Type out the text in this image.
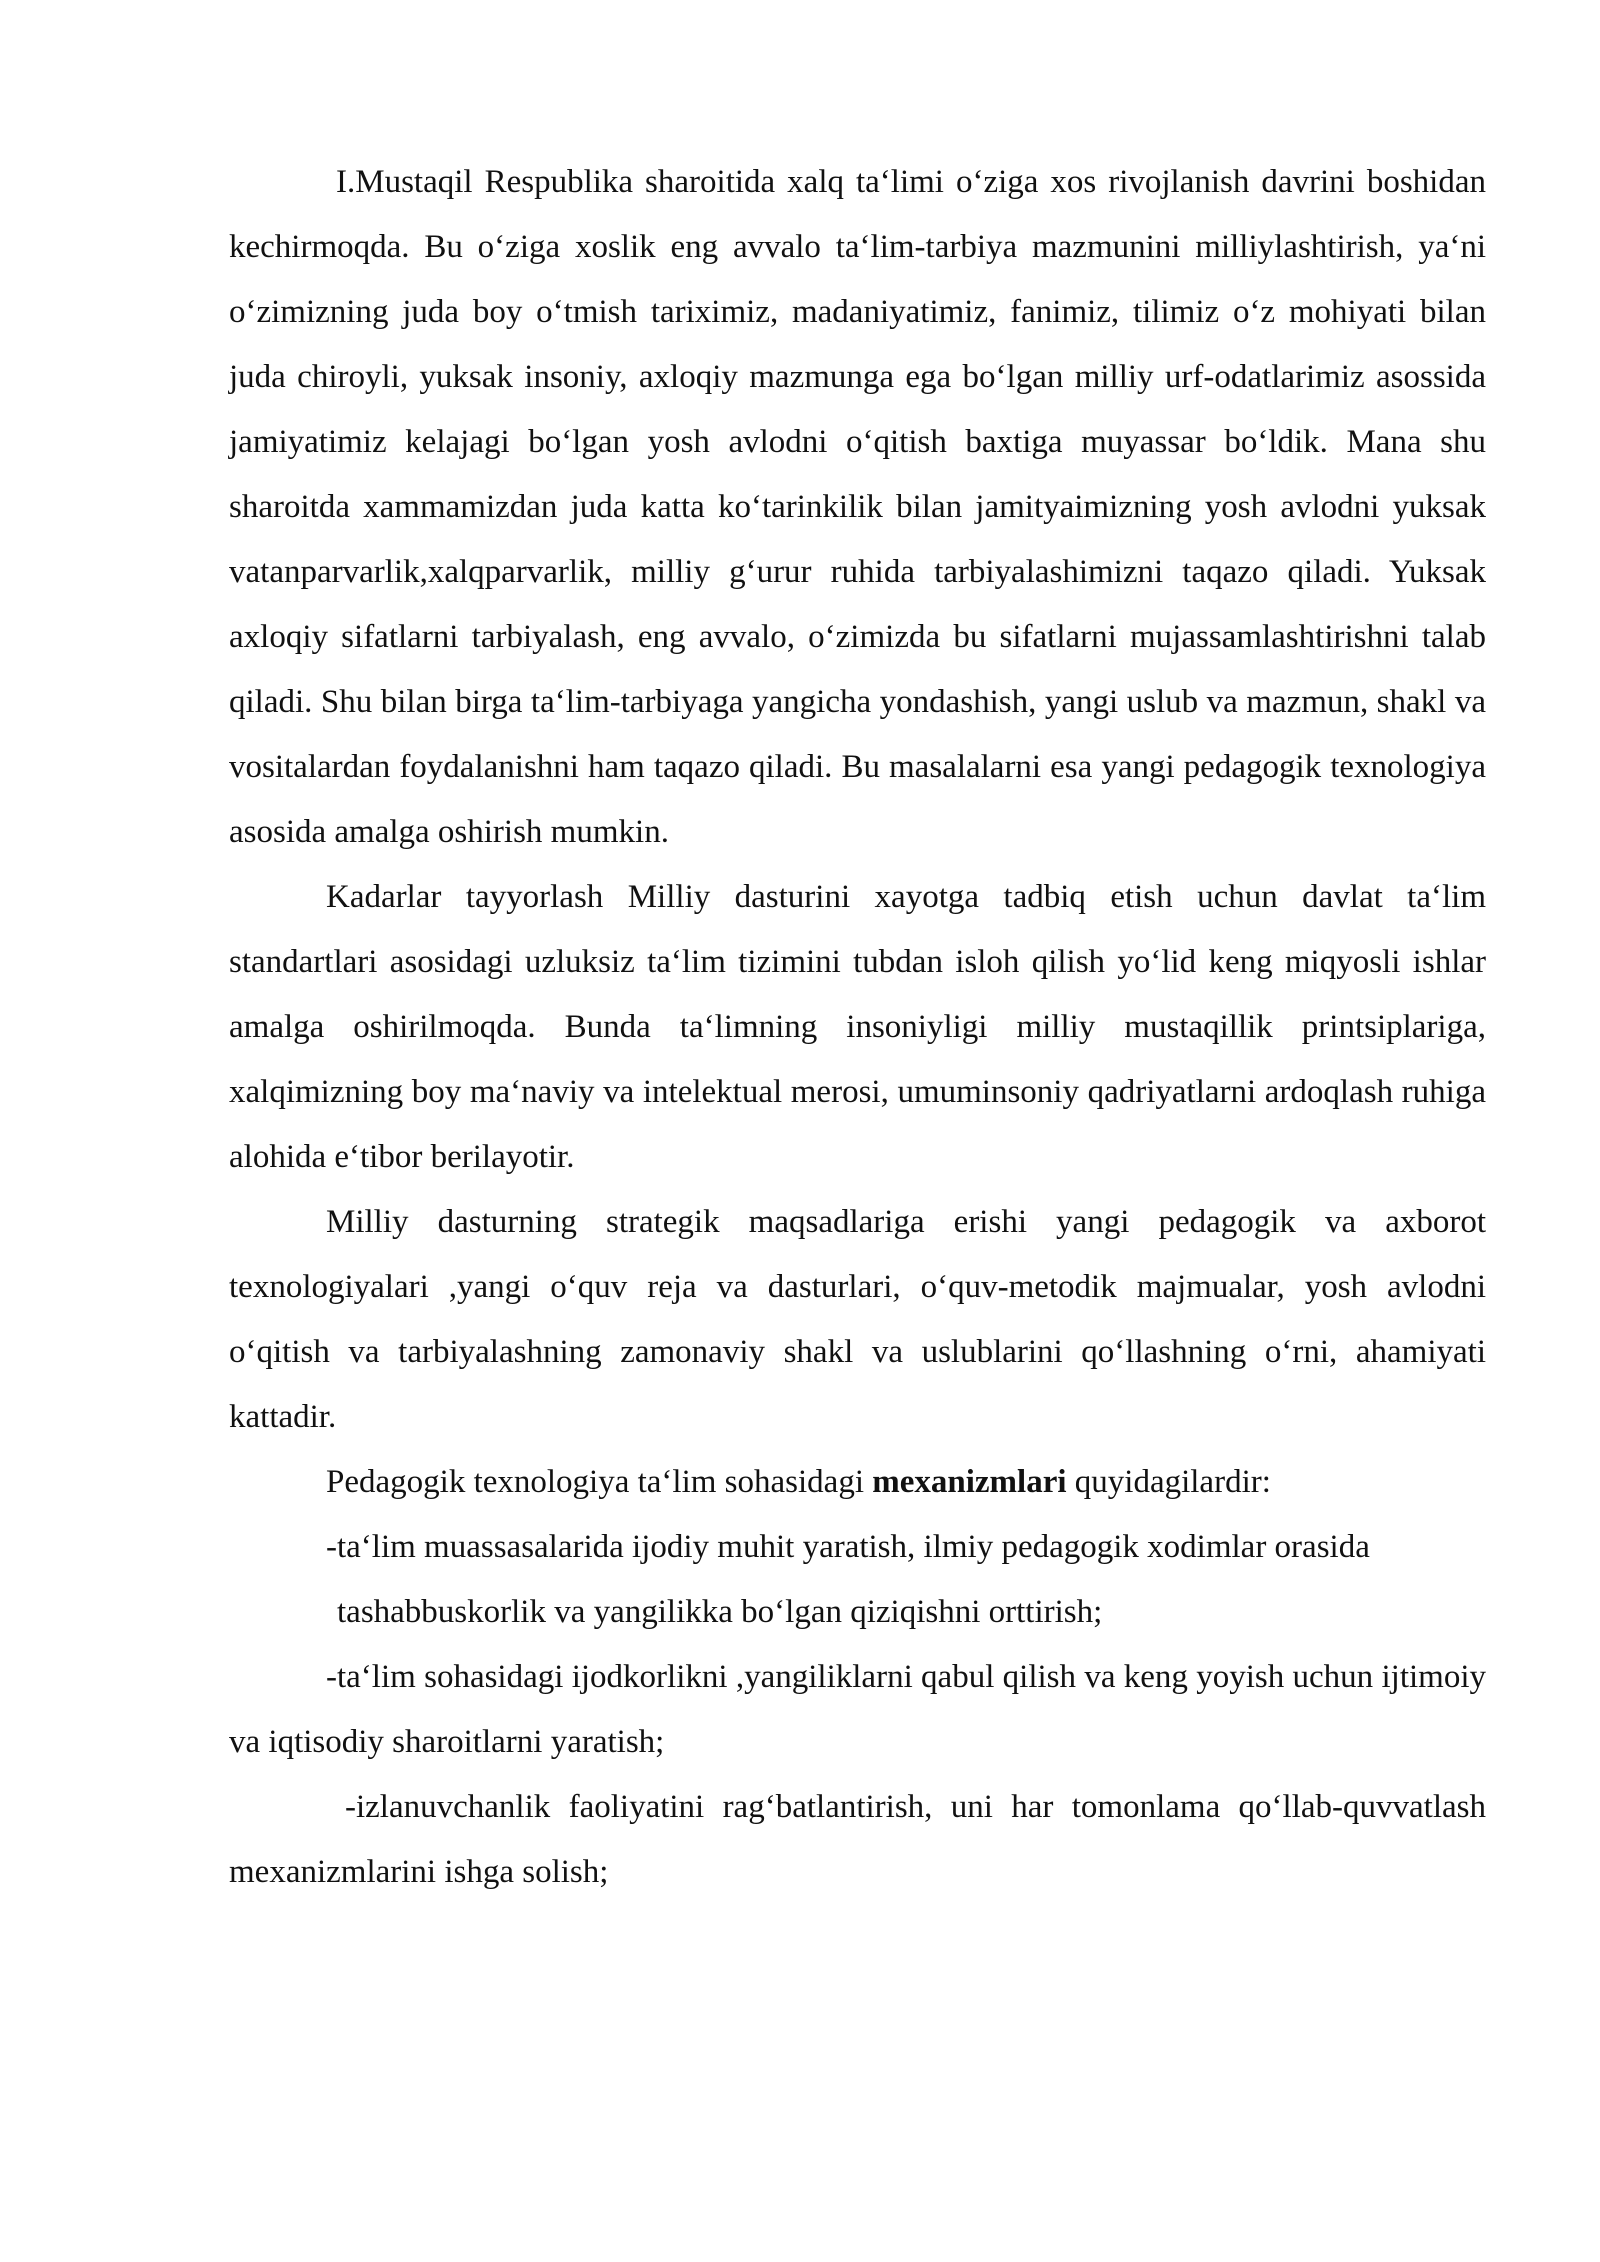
I.Mustaqil Respublika sharoitida xalq ta‘limi o‘ziga xos rivojlanish davrini boshidan kechirmoqda. Bu o‘ziga xoslik eng avvalo ta‘lim-tarbiya mazmunini milliylashtirish, ya‘ni o‘zimizning juda boy o‘tmish tariximiz, madaniyatimiz, fanimiz, tilimiz o‘z mohiyati bilan juda chiroyli, yuksak insoniy, axloqiy mazmunga ega bo‘lgan milliy urf-odatlarimiz asossida jamiyatimiz kelajagi bo‘lgan yosh avlodni o‘qitish baxtiga muyassar bo‘ldik. Mana shu sharoitda xammamizdan juda katta ko‘tarinkilik bilan jamityaimizning yosh avlodni yuksak vatanparvarlik,xalqparvarlik, milliy g‘urur ruhida tarbiyalashimizni taqazo qiladi. Yuksak axloqiy sifatlarni tarbiyalash, eng avvalo, o‘zimizda bu sifatlarni mujassamlashtirishni talab qiladi. Shu bilan birga ta‘lim-tarbiyaga yangicha yondashish, yangi uslub va mazmun, shakl va vositalardan foydalanishni ham taqazo qiladi. Bu masalalarni esa yangi pedagogik texnologiya asosida amalga oshirish mumkin.

Kadarlar tayyorlash Milliy dasturini xayotga tadbiq etish uchun davlat ta‘lim standartlari asosidagi uzluksiz ta‘lim tizimini tubdan isloh qilish yo‘lid keng miqyosli ishlar amalga oshirilmoqda. Bunda ta‘limning insoniyligi milliy mustaqillik printsiplariga, xalqimizning boy ma‘naviy va intelektual merosi, umuminsoniy qadriyatlarni ardoqlash ruhiga alohida e‘tibor berilayotir.

Milliy dasturning strategik maqsadlariga erishi yangi pedagogik va axborot texnologiyalari ,yangi o‘quv reja va dasturlari, o‘quv-metodik majmualar, yosh avlodni o‘qitish va tarbiyalashning zamonaviy shakl va uslublarini qo‘llashning o‘rni, ahamiyati kattadir.

Pedagogik texnologiya ta‘lim sohasidagi mexanizmlari quyidagilardir:

-ta‘lim muassasalarida ijodiy muhit yaratish, ilmiy pedagogik xodimlar orasida

tashabbuskorlik va yangilikka bo‘lgan qiziqishni orttirish;

-ta‘lim sohasidagi ijodkorlikni ,yangiliklarni qabul qilish va keng yoyish uchun ijtimoiy va iqtisodiy sharoitlarni yaratish;

-izlanuvchanlik faoliyatini rag‘batlantirish, uni har tomonlama qo‘llab-quvvatlash mexanizmlarini ishga solish;
